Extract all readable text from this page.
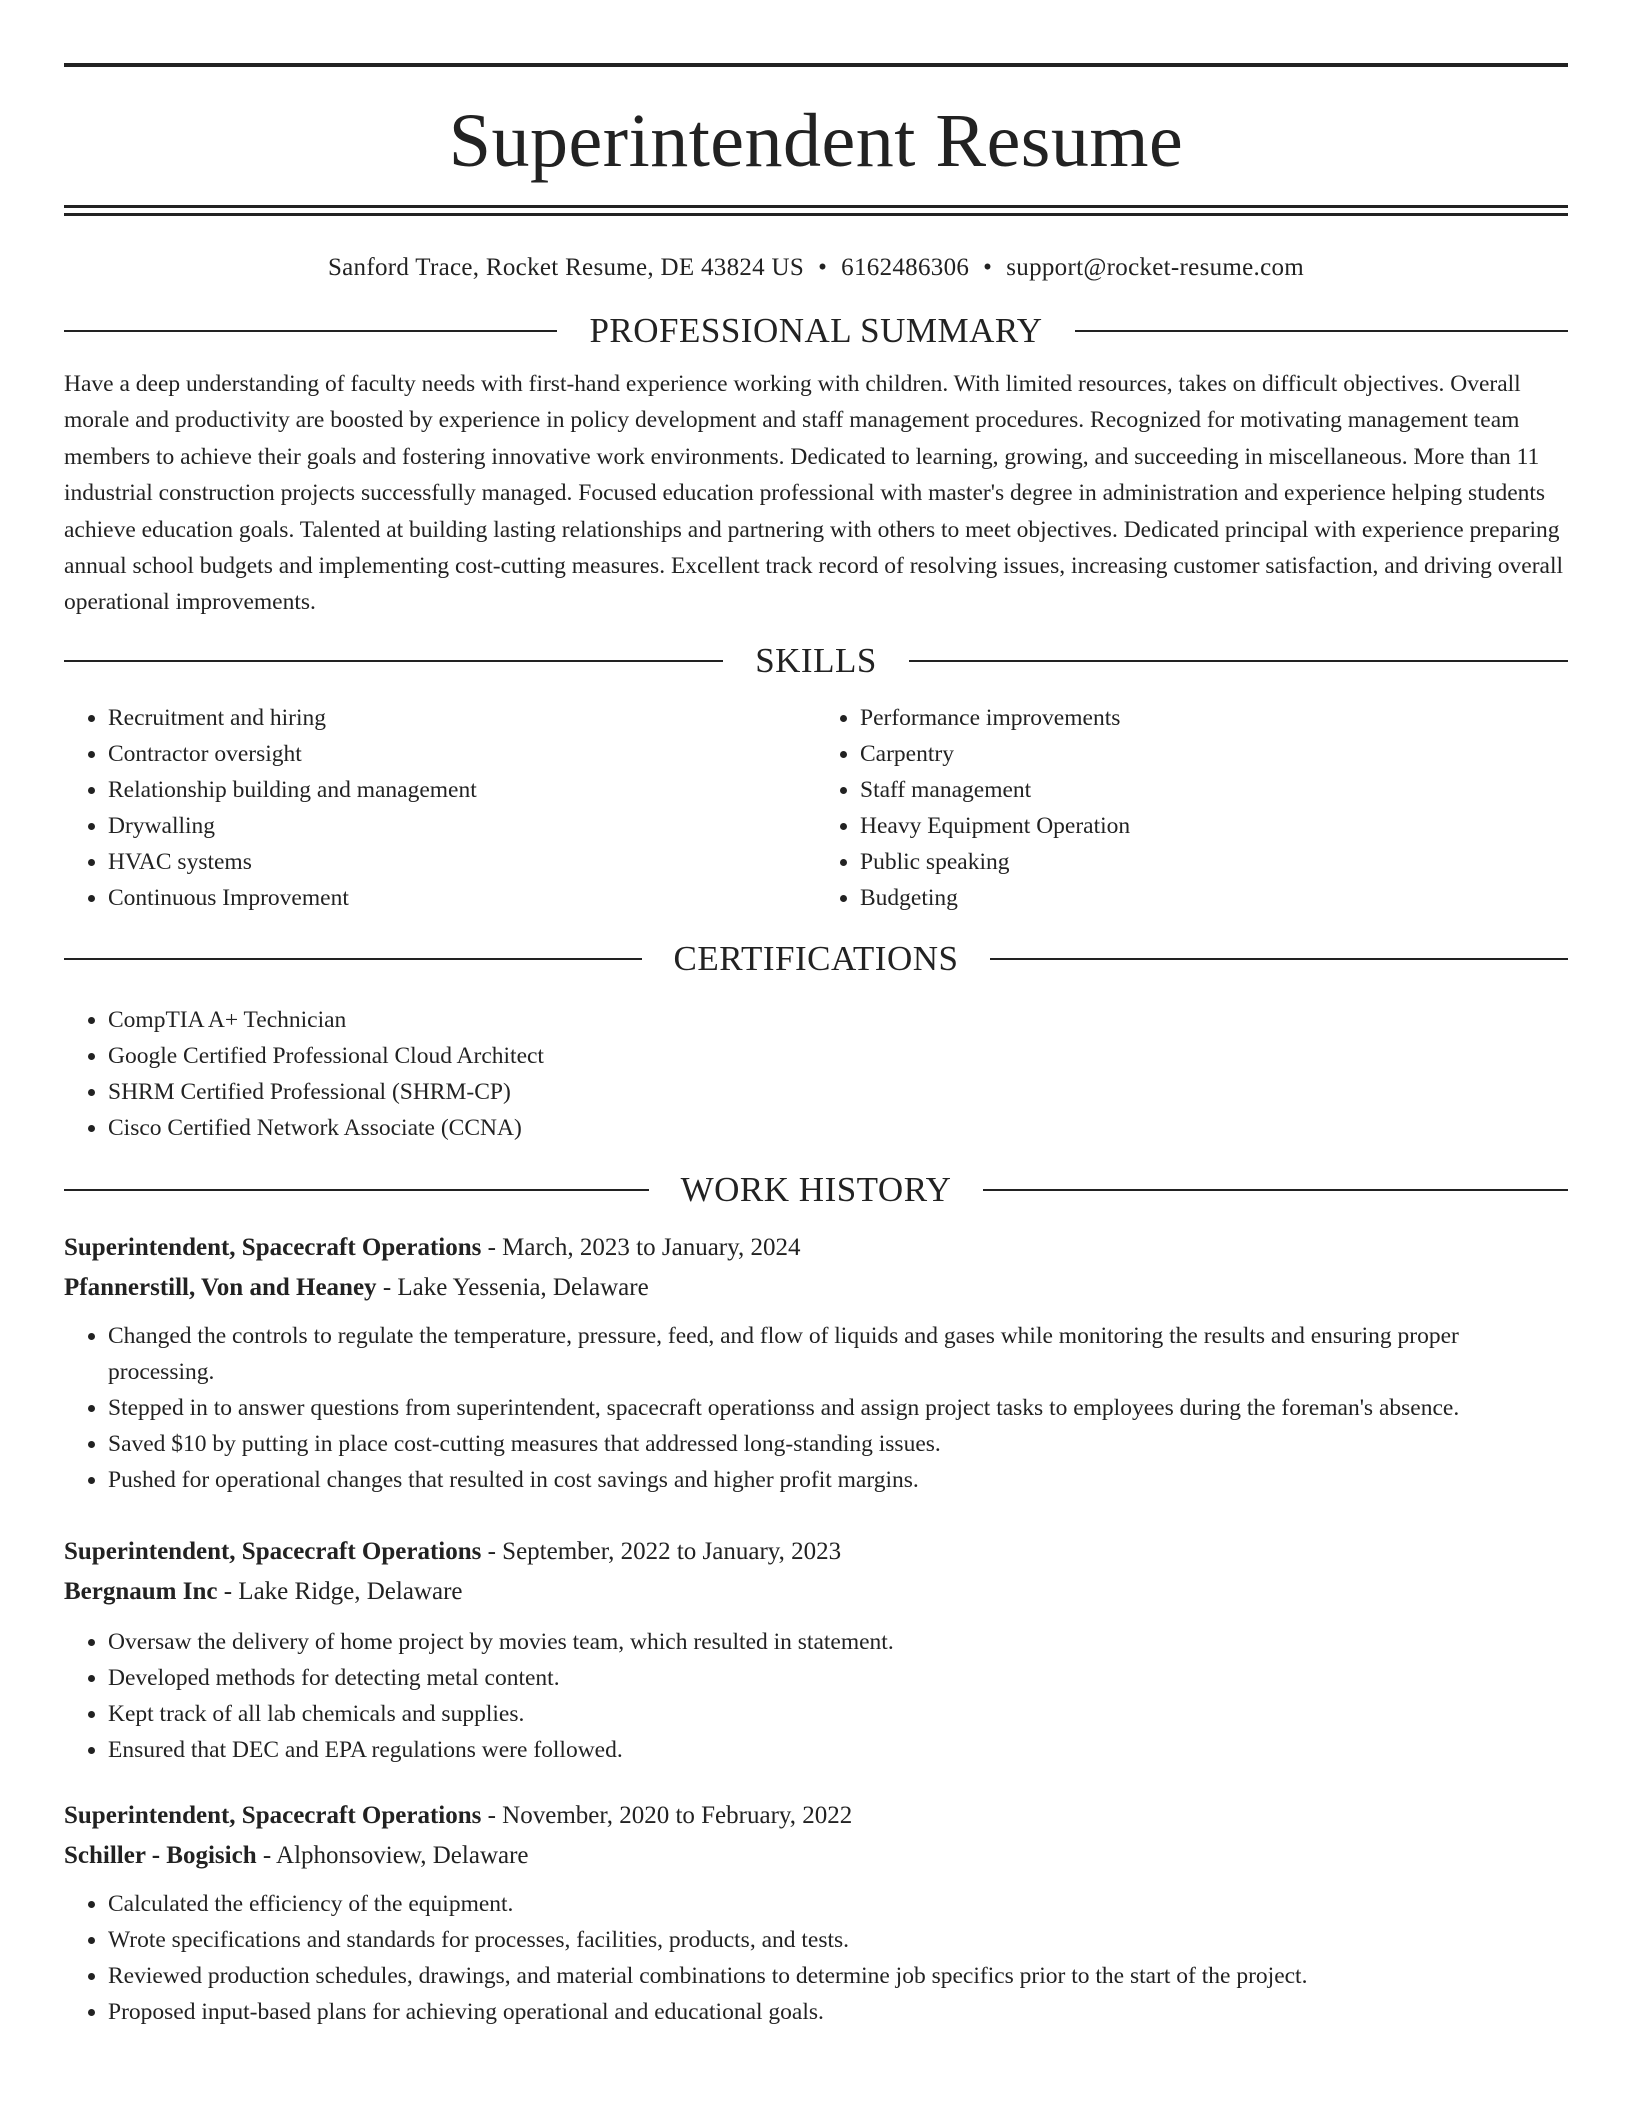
Superintendent Resume
Sanford Trace, Rocket Resume, DE 43824 US • 6162486306 • support@rocket-resume.com
PROFESSIONAL SUMMARY

Have a deep understanding of faculty needs with first-hand experience working with children. With limited resources, takes on difficult objectives. Overall morale and productivity are boosted by experience in policy development and staff management procedures. Recognized for motivating management team members to achieve their goals and fostering innovative work environments. Dedicated to learning, growing, and succeeding in miscellaneous. More than 11 industrial construction projects successfully managed. Focused education professional with master's degree in administration and experience helping students achieve education goals. Talented at building lasting relationships and partnering with others to meet objectives. Dedicated principal with experience preparing annual school budgets and implementing cost-cutting measures. Excellent track record of resolving issues, increasing customer satisfaction, and driving overall operational improvements.

SKILLS
• Recruitment and hiring
• Contractor oversight
• Relationship building and management
• Drywalling
• HVAC systems
• Continuous Improvement
• Performance improvements
• Carpentry
• Staff management
• Heavy Equipment Operation
• Public speaking
• Budgeting
CERTIFICATIONS
• CompTIA A+ Technician
• Google Certified Professional Cloud Architect
• SHRM Certified Professional (SHRM-CP)
• Cisco Certified Network Associate (CCNA)
WORK HISTORY
Superintendent, Spacecraft Operations - March, 2023 to January, 2024
Pfannerstill, Von and Heaney - Lake Yessenia, Delaware
• Changed the controls to regulate the temperature, pressure, feed, and flow of liquids and gases while monitoring the results and ensuring proper processing.
• Stepped in to answer questions from superintendent, spacecraft operationss and assign project tasks to employees during the foreman's absence.
• Saved $10 by putting in place cost-cutting measures that addressed long-standing issues.
• Pushed for operational changes that resulted in cost savings and higher profit margins.
Superintendent, Spacecraft Operations - September, 2022 to January, 2023
Bergnaum Inc - Lake Ridge, Delaware
• Oversaw the delivery of home project by movies team, which resulted in statement.
• Developed methods for detecting metal content.
• Kept track of all lab chemicals and supplies.
• Ensured that DEC and EPA regulations were followed.
Superintendent, Spacecraft Operations - November, 2020 to February, 2022
Schiller - Bogisich - Alphonsoview, Delaware
• Calculated the efficiency of the equipment.
• Wrote specifications and standards for processes, facilities, products, and tests.
• Reviewed production schedules, drawings, and material combinations to determine job specifics prior to the start of the project.
• Proposed input-based plans for achieving operational and educational goals.
